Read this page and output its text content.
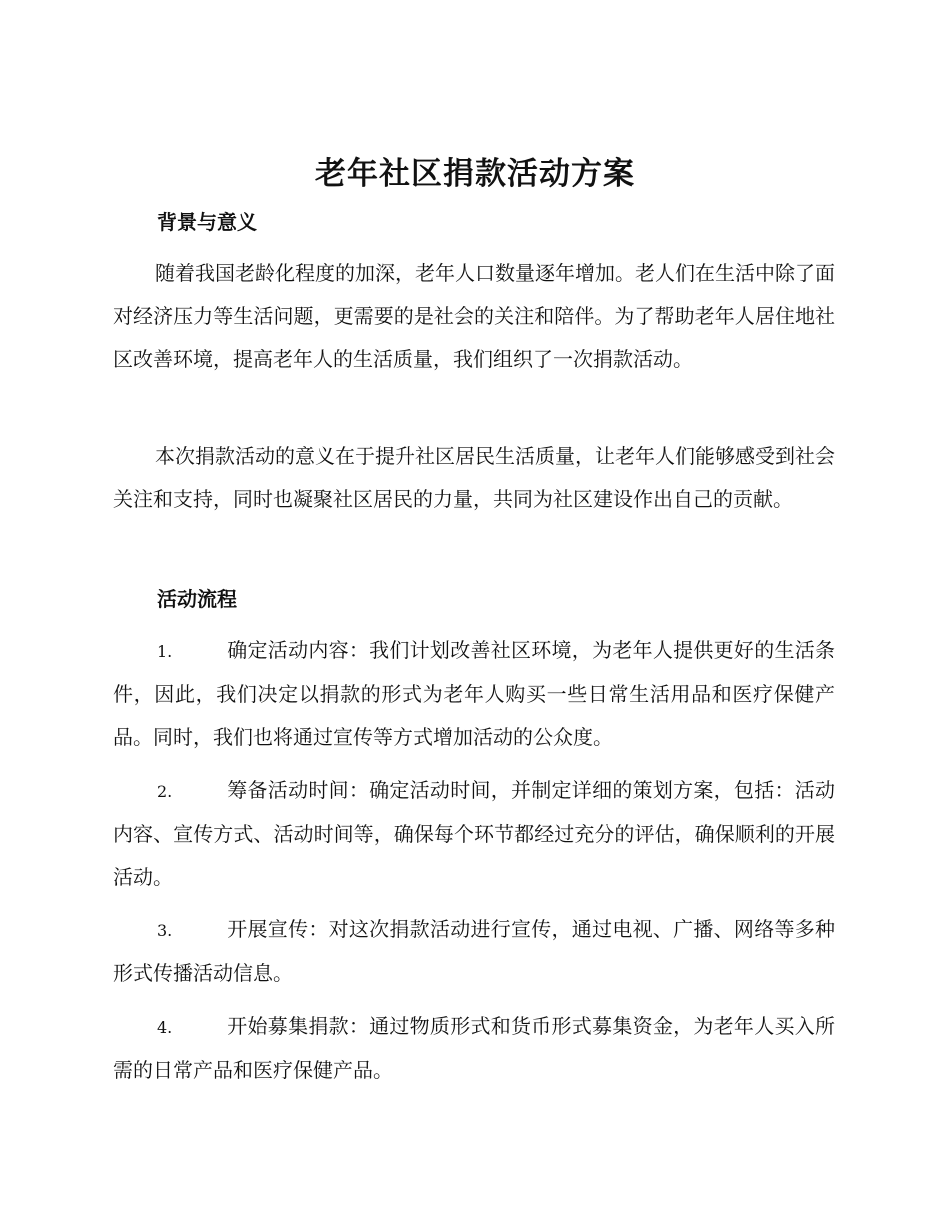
老年社区捐款活动方案
背景与意义

随着我国老龄化程度的加深，老年人口数量逐年增加。老人们在生活中除了面对经济压力等生活问题，更需要的是社会的关注和陪伴。为了帮助老年人居住地社区改善环境，提高老年人的生活质量，我们组织了一次捐款活动。

本次捐款活动的意义在于提升社区居民生活质量，让老年人们能够感受到社会关注和支持，同时也凝聚社区居民的力量，共同为社区建设作出自己的贡献。

活动流程

1.	确定活动内容：我们计划改善社区环境，为老年人提供更好的生活条件，因此，我们决定以捐款的形式为老年人购买一些日常生活用品和医疗保健产品。同时，我们也将通过宣传等方式增加活动的公众度。

2.	筹备活动时间：确定活动时间，并制定详细的策划方案，包括：活动内容、宣传方式、活动时间等，确保每个环节都经过充分的评估，确保顺利的开展活动。

3.	开展宣传：对这次捐款活动进行宣传，通过电视、广播、网络等多种形式传播活动信息。

4.	开始募集捐款：通过物质形式和货币形式募集资金，为老年人买入所需的日常产品和医疗保健产品。
